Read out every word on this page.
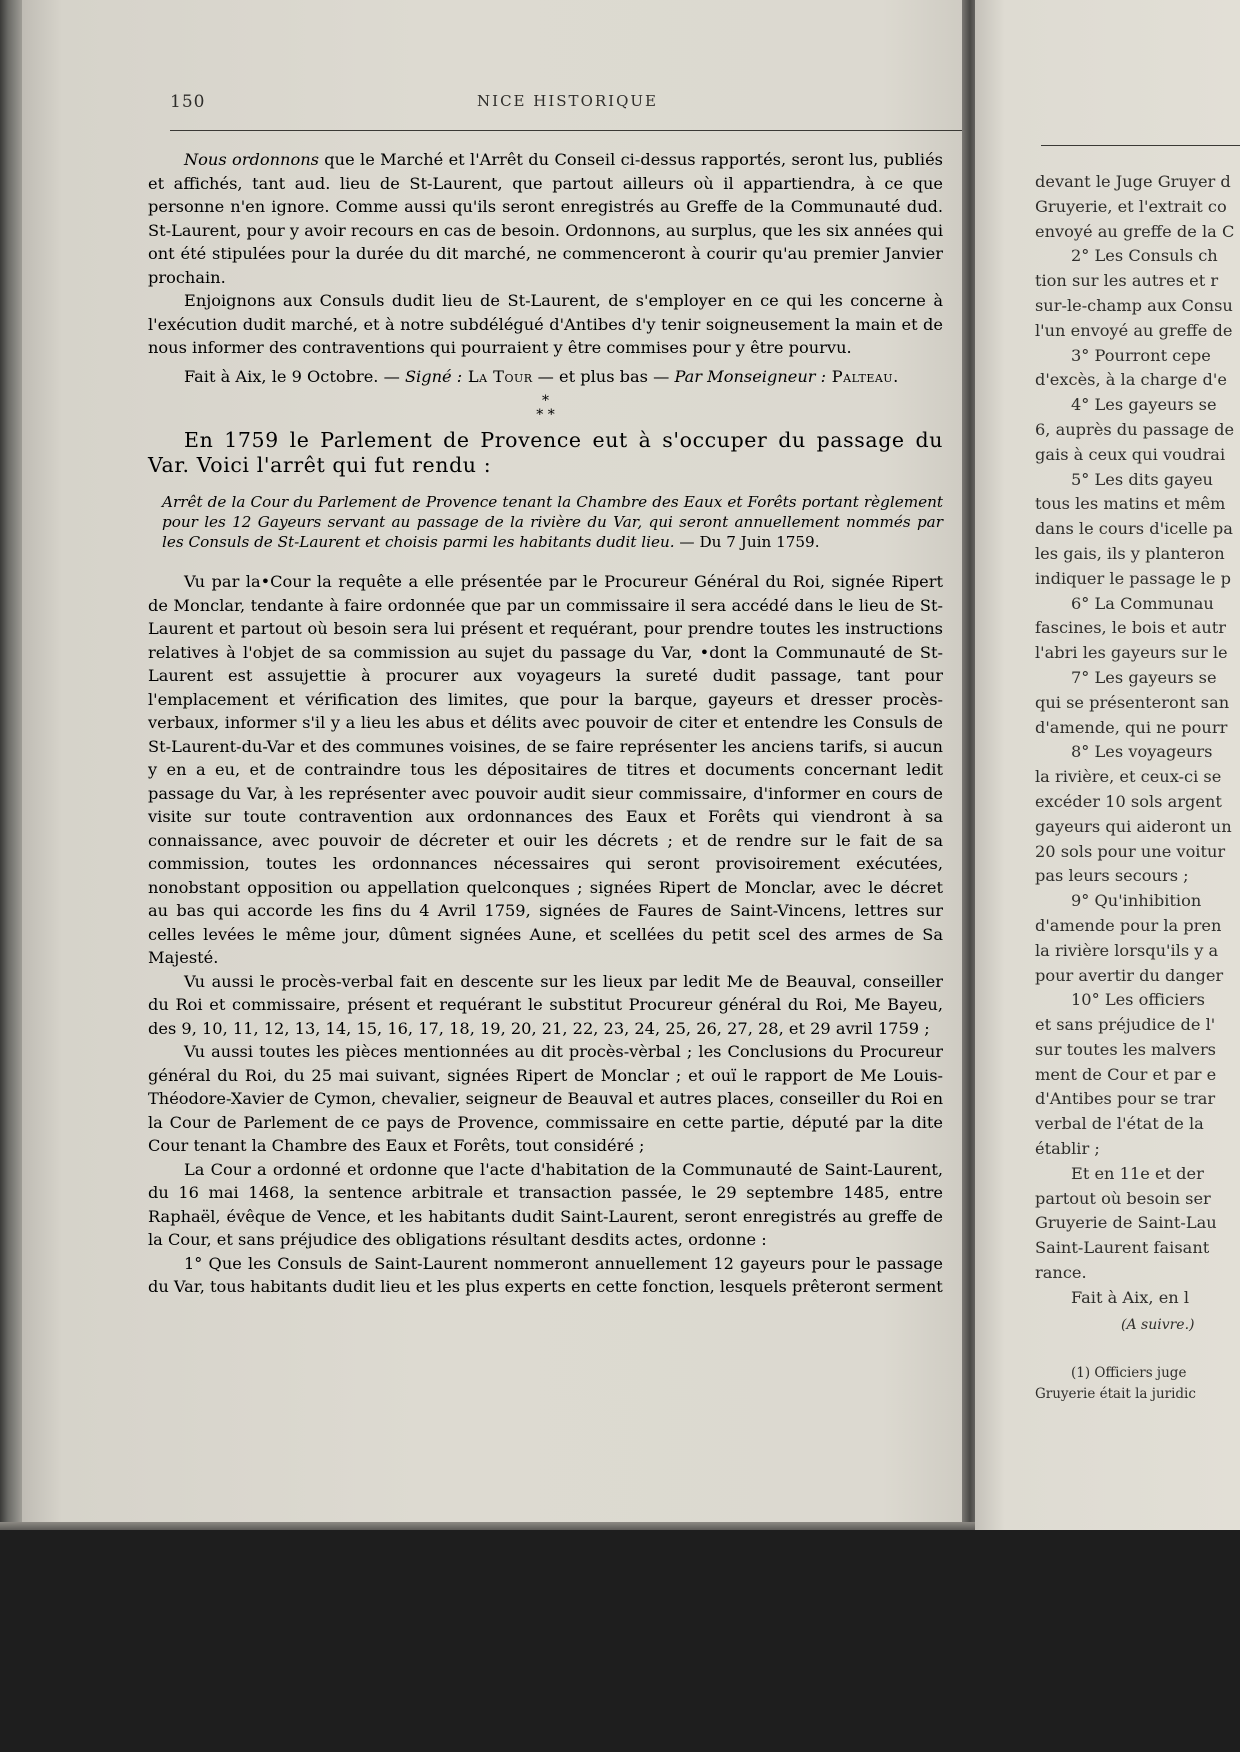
150	NICE HISTORIQUE

Nous ordonnons que le Marché et l'Arrêt du Conseil ci-dessus rapportés, seront lus, publiés et affichés, tant aud. lieu de St-Laurent, que partout ailleurs où il appartiendra, à ce que personne n'en ignore. Comme aussi qu'ils seront enregistrés au Greffe de la Communauté dud. St-Laurent, pour y avoir recours en cas de besoin. Ordonnons, au surplus, que les six années qui ont été stipulées pour la durée du dit marché, ne commenceront à courir qu'au premier Janvier prochain.

Enjoignons aux Consuls dudit lieu de St-Laurent, de s'employer en ce qui les concerne à l'exécution dudit marché, et à notre subdélégué d'Antibes d'y tenir soigneusement la main et de nous informer des contraventions qui pourraient y être commises pour y être pourvu.

Fait à Aix, le 9 Octobre. — Signé : La Tour — et plus bas — Par Monseigneur : Palteau.

*
* *

En 1759 le Parlement de Provence eut à s'occuper du passage du Var. Voici l'arrêt qui fut rendu :

Arrêt de la Cour du Parlement de Provence tenant la Chambre des Eaux et Forêts portant règlement pour les 12 Gayeurs servant au passage de la rivière du Var, qui seront annuellement nommés par les Consuls de St-Laurent et choisis parmi les habitants dudit lieu. — Du 7 Juin 1759.

Vu par la•Cour la requête a elle présentée par le Procureur Général du Roi, signée Ripert de Monclar, tendante à faire ordonnée que par un commissaire il sera accédé dans le lieu de St-Laurent et partout où besoin sera lui présent et requérant, pour prendre toutes les instructions relatives à l'objet de sa commission au sujet du passage du Var, •dont la Communauté de St-Laurent est assujettie à procurer aux voyageurs la sureté dudit passage, tant pour l'emplacement et vérification des limites, que pour la barque, gayeurs et dresser procès-verbaux, informer s'il y a lieu les abus et délits avec pouvoir de citer et entendre les Consuls de St-Laurent-du-Var et des communes voisines, de se faire représenter les anciens tarifs, si aucun y en a eu, et de contraindre tous les dépositaires de titres et documents concernant ledit passage du Var, à les représenter avec pouvoir audit sieur commissaire, d'informer en cours de visite sur toute contravention aux ordonnances des Eaux et Forêts qui viendront à sa connaissance, avec pouvoir de décreter et ouir les décrets ; et de rendre sur le fait de sa commission, toutes les ordonnances nécessaires qui seront provisoirement exécutées, nonobstant opposition ou appellation quelconques ; signées Ripert de Monclar, avec le décret au bas qui accorde les fins du 4 Avril 1759, signées de Faures de Saint-Vincens, lettres sur celles levées le même jour, dûment signées Aune, et scellées du petit scel des armes de Sa Majesté.

Vu aussi le procès-verbal fait en descente sur les lieux par ledit Me de Beauval, conseiller du Roi et commissaire, présent et requérant le substitut Procureur général du Roi, Me Bayeu, des 9, 10, 11, 12, 13, 14, 15, 16, 17, 18, 19, 20, 21, 22, 23, 24, 25, 26, 27, 28, et 29 avril 1759 ;

Vu aussi toutes les pièces mentionnées au dit procès-vèrbal ; les Conclusions du Procureur général du Roi, du 25 mai suivant, signées Ripert de Monclar ; et ouï le rapport de Me Louis-Théodore-Xavier de Cymon, chevalier, seigneur de Beauval et autres places, conseiller du Roi en la Cour de Parlement de ce pays de Provence, commissaire en cette partie, député par la dite Cour tenant la Chambre des Eaux et Forêts, tout considéré ;

La Cour a ordonné et ordonne que l'acte d'habitation de la Communauté de Saint-Laurent, du 16 mai 1468, la sentence arbitrale et transaction passée, le 29 septembre 1485, entre Raphaël, évêque de Vence, et les habitants dudit Saint-Laurent, seront enregistrés au greffe de la Cour, et sans préjudice des obligations résultant desdits actes, ordonne :

1° Que les Consuls de Saint-Laurent nommeront annuellement 12 gayeurs pour le passage du Var, tous habitants dudit lieu et les plus experts en cette fonction, lesquels prêteront serment

devant le Juge Gruyer d
Gruyerie, et l'extrait co
envoyé au greffe de la C
2° Les Consuls ch
tion sur les autres et r
sur-le-champ aux Consu
l'un envoyé au greffe de
3° Pourront cepe
d'excès, à la charge d'e
4° Les gayeurs se
6, auprès du passage de
gais à ceux qui voudrai
5° Les dits gayeu
tous les matins et mêm
dans le cours d'icelle pa
les gais, ils y planteron
indiquer le passage le p
6° La Communau
fascines, le bois et autr
l'abri les gayeurs sur le
7° Les gayeurs se
qui se présenteront san
d'amende, qui ne pourr
8° Les voyageurs
la rivière, et ceux-ci se
excéder 10 sols argent
gayeurs qui aideront un
20 sols pour une voitur
pas leurs secours ;
9° Qu'inhibition
d'amende pour la pren
la rivière lorsqu'ils y a
pour avertir du danger
10° Les officiers
et sans préjudice de l'
sur toutes les malvers
ment de Cour et par e
d'Antibes pour se trar
verbal de l'état de la
établir ;
Et en 11e et der
partout où besoin ser
Gruyerie de Saint-Lau
Saint-Laurent faisant
rance.
Fait à Aix, en l
(A suivre.)
(1) Officiers juge
Gruyerie était la juridic
